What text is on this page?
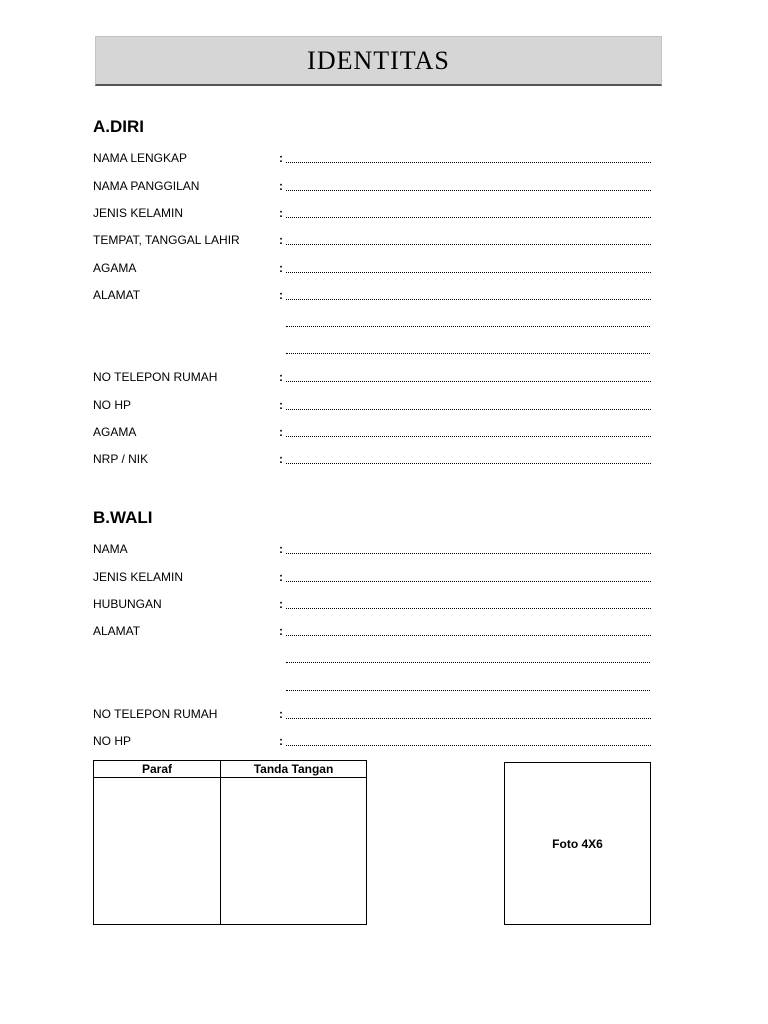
IDENTITAS
A.DIRI
NAMA LENGKAP	:
NAMA PANGGILAN	:
JENIS KELAMIN	:
TEMPAT, TANGGAL LAHIR	:
AGAMA	:
ALAMAT	:
NO TELEPON RUMAH	:
NO HP	:
AGAMA	:
NRP / NIK	:
B.WALI
NAMA	:
JENIS KELAMIN	:
HUBUNGAN	:
ALAMAT	:
NO TELEPON RUMAH	:
NO HP	:
Paraf	Tanda Tangan

Foto 4X6
